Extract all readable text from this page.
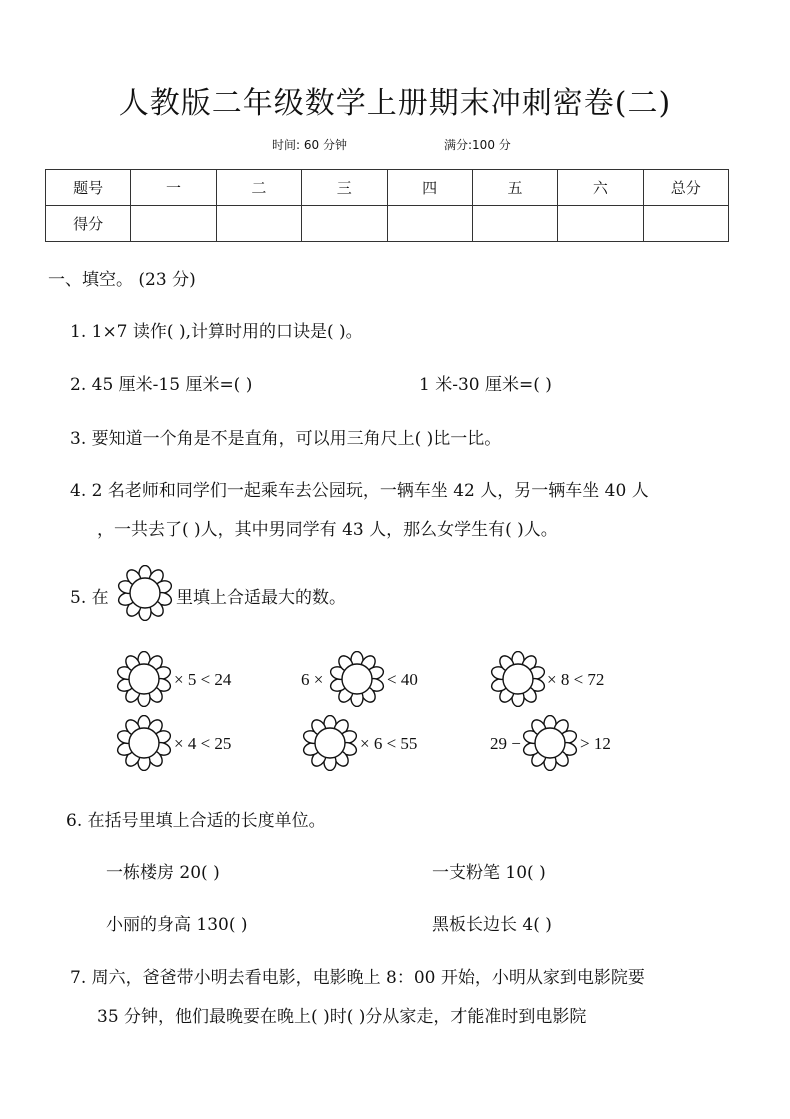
人教版二年级数学上册期末冲刺密卷(二)
时间: 60 分钟	满分:100 分
题号	一	二	三	四	五	六	总分
得分							
一、填空。 (23 分)
1. 1×7 读作( ),计算时用的口诀是( )。
2. 45 厘米-15 厘米=( )	1 米-30 厘米=( )
3. 要知道一个角是不是直角，可以用三角尺上( )比一比。
4. 2 名老师和同学们一起乘车去公园玩，一辆车坐 42 人，另一辆车坐 40 人
，一共去了( )人，其中男同学有 43 人，那么女学生有( )人。
5. 在	里填上合适最大的数。
× 5 < 24	6 ×	< 40	× 8 < 72
× 4 < 25	× 6 < 55	29 −	> 12
6. 在括号里填上合适的长度单位。
一栋楼房 20( )	一支粉笔 10( )
小丽的身高 130( )	黑板长边长 4( )
7. 周六，爸爸带小明去看电影，电影晚上 8：00 开始，小明从家到电影院要
35 分钟，他们最晚要在晚上( )时( )分从家走，才能准时到电影院
